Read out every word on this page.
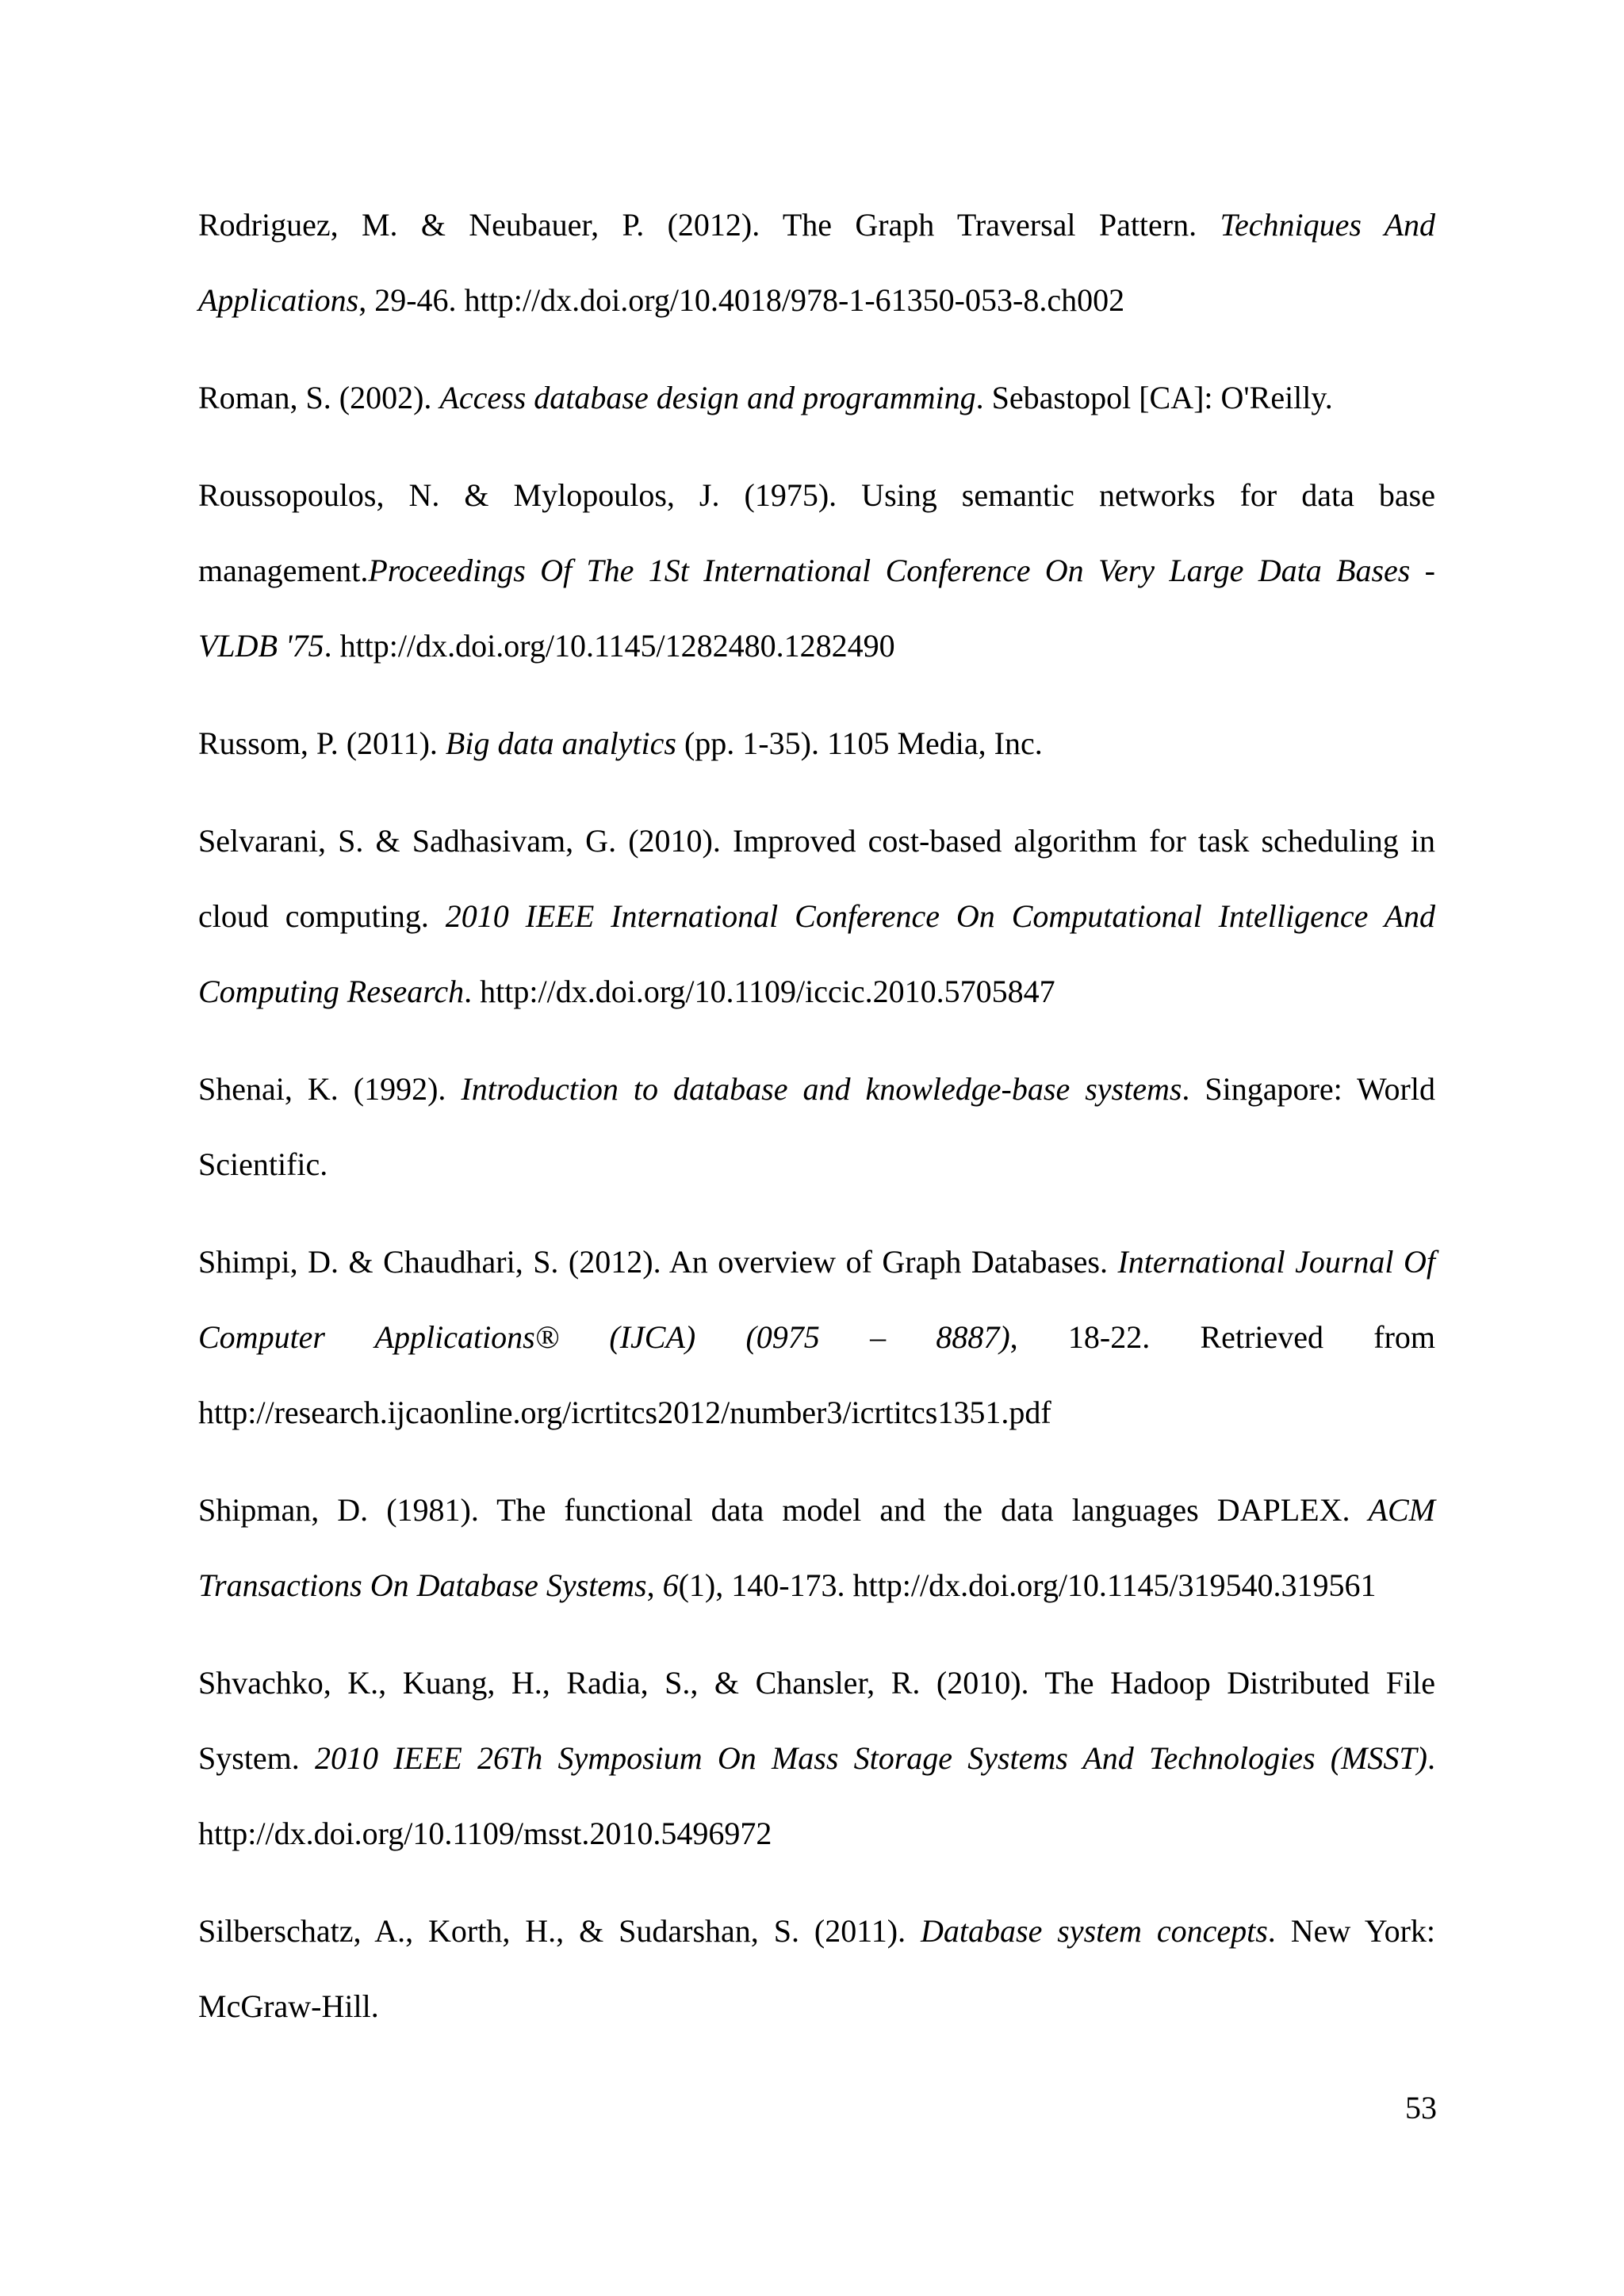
Rodriguez, M. & Neubauer, P. (2012). The Graph Traversal Pattern. Techniques And Applications, 29-46. http://dx.doi.org/10.4018/978-1-61350-053-8.ch002

Roman, S. (2002). Access database design and programming. Sebastopol [CA]: O'Reilly.

Roussopoulos, N. & Mylopoulos, J. (1975). Using semantic networks for data base management.Proceedings Of The 1St International Conference On Very Large Data Bases - VLDB '75. http://dx.doi.org/10.1145/1282480.1282490

Russom, P. (2011). Big data analytics (pp. 1-35). 1105 Media, Inc.

Selvarani, S. & Sadhasivam, G. (2010). Improved cost-based algorithm for task scheduling in cloud computing. 2010 IEEE International Conference On Computational Intelligence And Computing Research. http://dx.doi.org/10.1109/iccic.2010.5705847

Shenai, K. (1992). Introduction to database and knowledge-base systems. Singapore: World Scientific.

Shimpi, D. & Chaudhari, S. (2012). An overview of Graph Databases. International Journal Of Computer Applications® (IJCA) (0975 – 8887), 18-22. Retrieved from http://research.ijcaonline.org/icrtitcs2012/number3/icrtitcs1351.pdf

Shipman, D. (1981). The functional data model and the data languages DAPLEX. ACM Transactions On Database Systems, 6(1), 140-173. http://dx.doi.org/10.1145/319540.319561

Shvachko, K., Kuang, H., Radia, S., & Chansler, R. (2010). The Hadoop Distributed File System. 2010 IEEE 26Th Symposium On Mass Storage Systems And Technologies (MSST). http://dx.doi.org/10.1109/msst.2010.5496972

Silberschatz, A., Korth, H., & Sudarshan, S. (2011). Database system concepts. New York: McGraw-Hill.

53
